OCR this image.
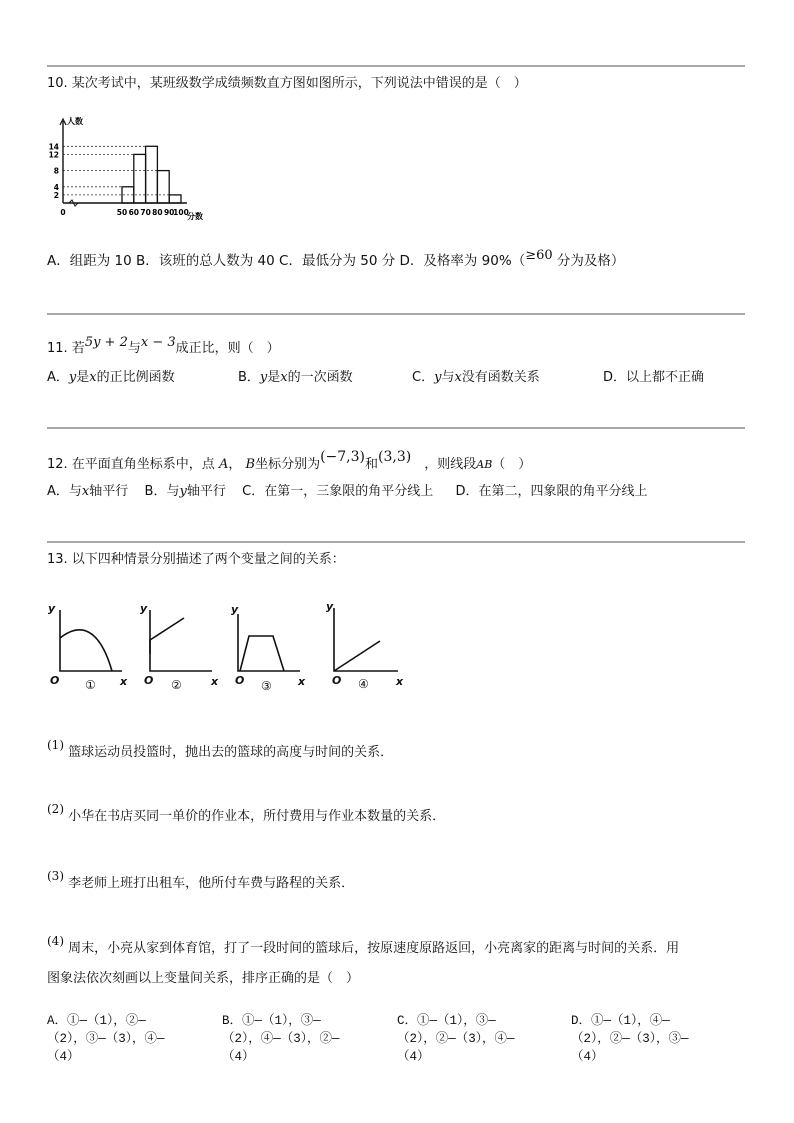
10. 某次考试中，某班级数学成绩频数直方图如图所示，下列说法中错误的是（　）
2
4
8
12
14
0	50 60 70 80 90
100
人数
分数
A．组距为 10 B．该班的总人数为 40 C．最低分为 50 分 D．及格率为 90%（≥60 分为及格）
11. 若5y + 2与x − 3成正比，则（　）
A．y是x的正比例函数	B．y是x的一次函数	C．y与x没有函数关系	D．以上都不正确
12. 在平面直角坐标系中，点 A， B坐标分别为(−7,3)和(3,3)　 ，则线段AB（　）
A．与x轴平行 B．与y轴平行 C．在第一，三象限的角平分线上 D．在第二，四象限的角平分线上
13. 以下四种情景分别描述了两个变量之间的关系：
y
O	x
y
O	x
y
O	x
y
O	x
①	②	③	④
(1) 篮球运动员投篮时，抛出去的篮球的高度与时间的关系．
(2) 小华在书店买同一单价的作业本，所付费用与作业本数量的关系．
(3) 李老师上班打出租车，他所付车费与路程的关系．
(4) 周末，小亮从家到体育馆，打了一段时间的篮球后，按原速度原路返回，小亮离家的距离与时间的关系．用
图象法依次刻画以上变量间关系，排序正确的是（　）
A．①—（1），②—
（2），③—（3），④—
（4）
B．①—（1），③—
（2），④—（3），②—
（4）
C．①—（1），③—
（2），②—（3），④—
（4）
D．①—（1），④—
（2），②—（3），③—
（4）
